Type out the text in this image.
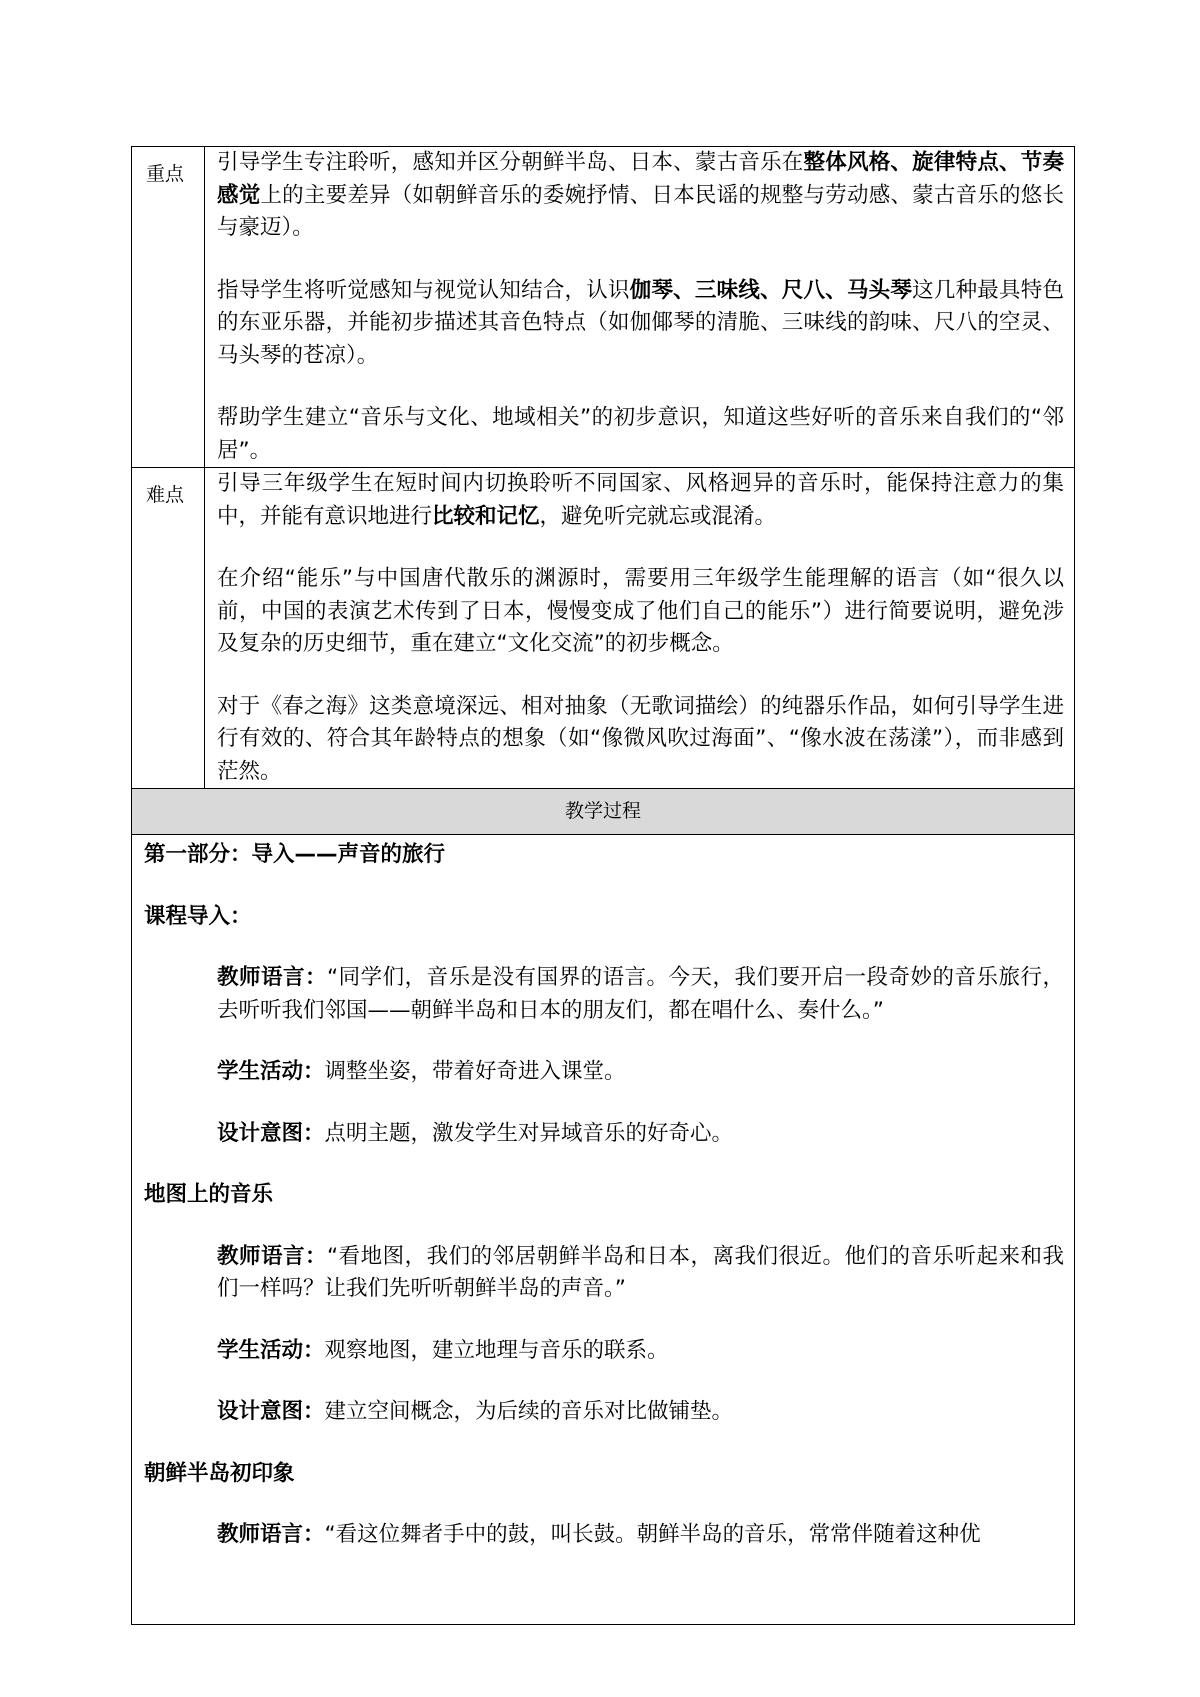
重点	引导学生专注聆听，感知并区分朝鲜半岛、日本、蒙古音乐在整体风格、旋律特点、节奏感觉上的主要差异（如朝鲜音乐的委婉抒情、日本民谣的规整与劳动感、蒙古音乐的悠长与豪迈）。

指导学生将听觉感知与视觉认知结合，认识伽琴、三味线、尺八、马头琴这几种最具特色的东亚乐器，并能初步描述其音色特点（如伽倻琴的清脆、三味线的韵味、尺八的空灵、马头琴的苍凉）。

帮助学生建立“音乐与文化、地域相关”的初步意识，知道这些好听的音乐来自我们的“邻居”。

难点	引导三年级学生在短时间内切换聆听不同国家、风格迥异的音乐时，能保持注意力的集中，并能有意识地进行比较和记忆，避免听完就忘或混淆。

在介绍“能乐”与中国唐代散乐的渊源时，需要用三年级学生能理解的语言（如“很久以前，中国的表演艺术传到了日本，慢慢变成了他们自己的能乐”）进行简要说明，避免涉及复杂的历史细节，重在建立“文化交流”的初步概念。

对于《春之海》这类意境深远、相对抽象（无歌词描绘）的纯器乐作品，如何引导学生进行有效的、符合其年龄特点的想象（如“像微风吹过海面”、“像水波在荡漾”），而非感到茫然。

教学过程

第一部分：导入——声音的旅行

课程导入：

教师语言：“同学们，音乐是没有国界的语言。今天，我们要开启一段奇妙的音乐旅行，去听听我们邻国——朝鲜半岛和日本的朋友们，都在唱什么、奏什么。”

学生活动：调整坐姿，带着好奇进入课堂。

设计意图：点明主题，激发学生对异域音乐的好奇心。

地图上的音乐

教师语言：“看地图，我们的邻居朝鲜半岛和日本，离我们很近。他们的音乐听起来和我们一样吗？让我们先听听朝鲜半岛的声音。”

学生活动：观察地图，建立地理与音乐的联系。

设计意图：建立空间概念，为后续的音乐对比做铺垫。

朝鲜半岛初印象

教师语言：“看这位舞者手中的鼓，叫长鼓。朝鲜半岛的音乐，常常伴随着这种优
